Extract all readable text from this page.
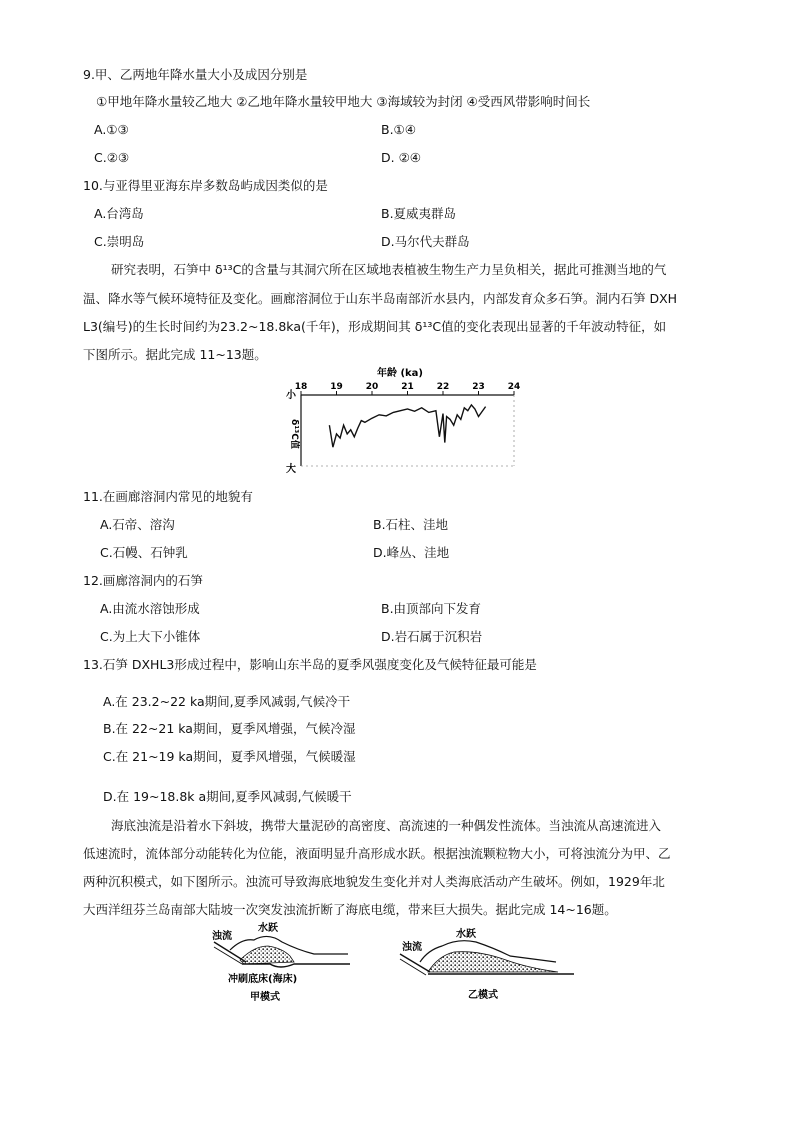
9.甲、乙两地年降水量大小及成因分别是
①甲地年降水量较乙地大 ②乙地年降水量较甲地大 ③海域较为封闭 ④受西风带影响时间长
A.①③	B.①④
C.②③	D. ②④
10.与亚得里亚海东岸多数岛屿成因类似的是
A.台湾岛	B.夏威夷群岛
C.崇明岛	D.马尔代夫群岛
研究表明，石笋中 δ¹³C的含量与其洞穴所在区域地表植被生物生产力呈负相关，据此可推测当地的气
温、降水等气候环境特征及变化。画廊溶洞位于山东半岛南部沂水县内，内部发育众多石笋。洞内石笋 DXH
L3(编号)的生长时间约为23.2~18.8ka(千年)，形成期间其 δ¹³C值的变化表现出显著的千年波动特征，如
下图所示。据此完成 11~13题。
年龄 (ka)
18	19	20	21	22	23	24
小
大
δ¹³C值
11.在画廊溶洞内常见的地貌有
A.石帝、溶沟	B.石柱、洼地
C.石幔、石钟乳	D.峰丛、洼地
12.画廊溶洞内的石笋
A.由流水溶蚀形成	B.由顶部向下发育
C.为上大下小锥体	D.岩石属于沉积岩
13.石笋 DXHL3形成过程中，影响山东半岛的夏季风强度变化及气候特征最可能是
A.在 23.2~22 ka期间,夏季风减弱,气候冷干
B.在 22~21 ka期间，夏季风增强，气候冷湿
C.在 21~19 ka期间，夏季风增强，气候暖湿
D.在 19~18.8k a期间,夏季风减弱,气候暖干
海底浊流是沿着水下斜坡，携带大量泥砂的高密度、高流速的一种偶发性流体。当浊流从高速流进入
低速流时，流体部分动能转化为位能，液面明显升高形成水跃。根据浊流颗粒物大小，可将浊流分为甲、乙
两种沉积模式，如下图所示。浊流可导致海底地貌发生变化并对人类海底活动产生破坏。例如，1929年北
大西洋纽芬兰岛南部大陆坡一次突发浊流折断了海底电缆，带来巨大损失。据此完成 14~16题。
浊流
水跃
冲刷底床(海床)
甲模式
浊流
水跃
乙模式
